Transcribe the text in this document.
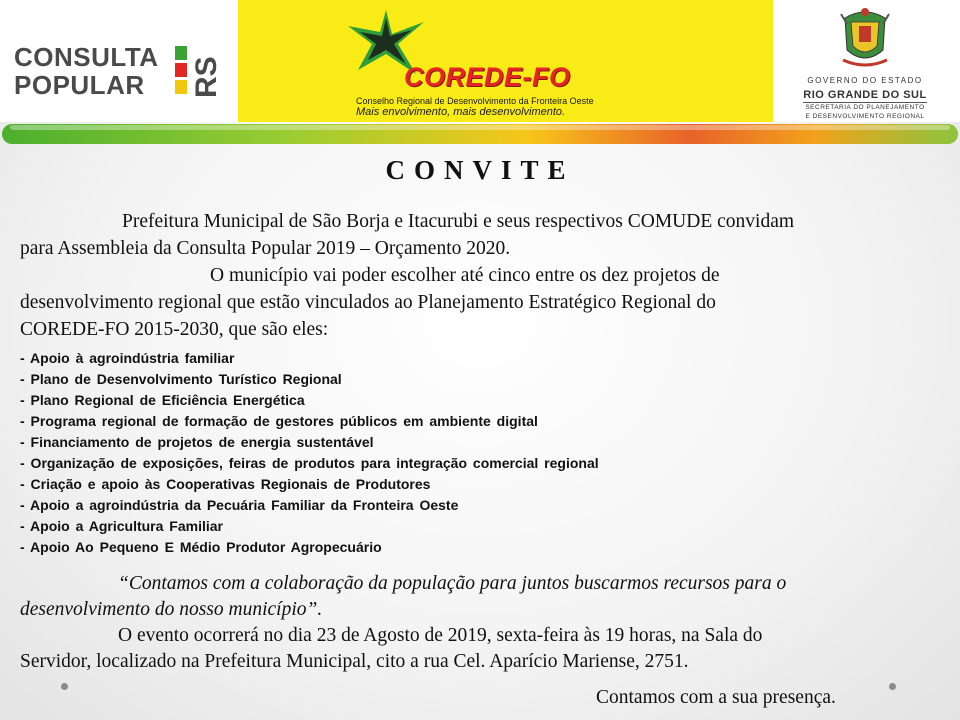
CONSULTA
POPULAR	RS	COREDE-FO
Conselho Regional de Desenvolvimento da Fronteira Oeste
Mais envolvimento, mais desenvolvimento.
GOVERNO DO ESTADO
RIO GRANDE DO SUL
SECRETARIA DO PLANEJAMENTO
E DESENVOLVIMENTO REGIONAL
CONVITE
Prefeitura Municipal de São Borja e Itacurubi e seus respectivos COMUDE convidam
para Assembleia da Consulta Popular 2019 – Orçamento 2020.
O município vai poder escolher até cinco entre os dez projetos de
desenvolvimento regional que estão vinculados ao Planejamento Estratégico Regional do
COREDE-FO 2015-2030, que são eles:
- Apoio à agroindústria familiar
- Plano de Desenvolvimento Turístico Regional
- Plano Regional de Eficiência Energética
- Programa regional de formação de gestores públicos em ambiente digital
- Financiamento de projetos de energia sustentável
- Organização de exposições, feiras de produtos para integração comercial regional
- Criação e apoio às Cooperativas Regionais de Produtores
- Apoio a agroindústria da Pecuária Familiar da Fronteira Oeste
- Apoio a Agricultura Familiar
- Apoio Ao Pequeno E Médio Produtor Agropecuário
“Contamos com a colaboração da população para juntos buscarmos recursos para o
desenvolvimento do nosso município”.
O evento ocorrerá no dia 23 de Agosto de 2019, sexta-feira às 19 horas, na Sala do
Servidor, localizado na Prefeitura Municipal, cito a rua Cel. Aparício Mariense, 2751.
Contamos com a sua presença.
